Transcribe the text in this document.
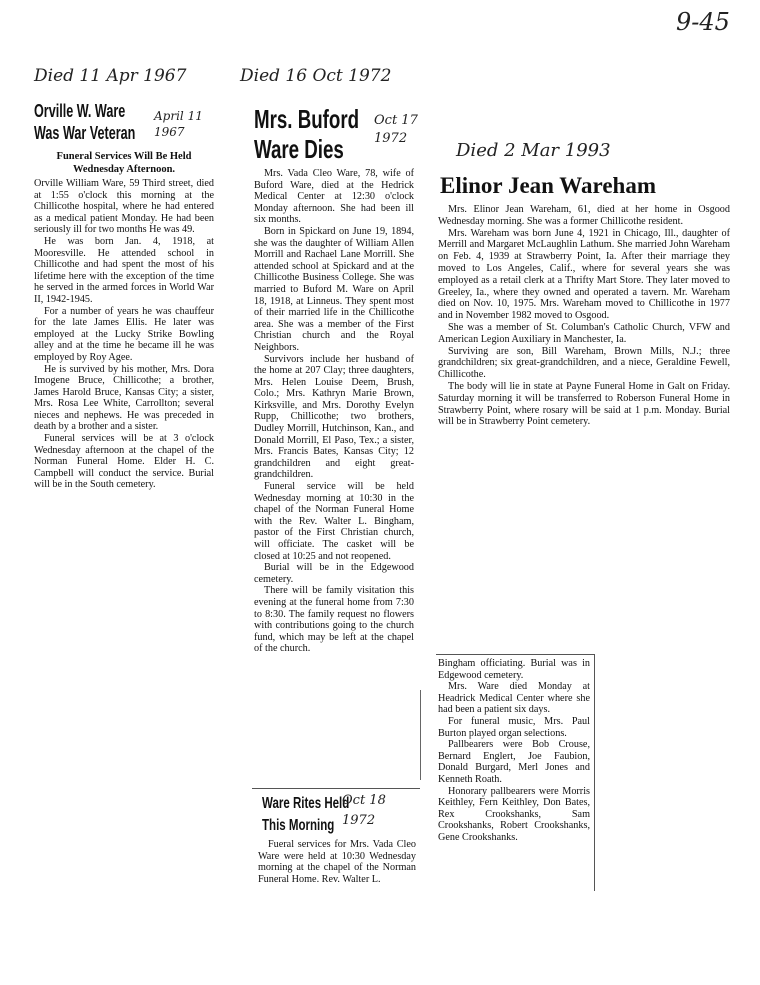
9-45
Died 11 Apr 1967	Died 16 Oct 1972
Died 2 Mar 1993
Orville W. Ware Was War Veteran
April 11 1967
Funeral Services Will Be Held Wednesday Afternoon.

Orville William Ware, 59 Third street, died at 1:55 o'clock this morning at the Chillicothe hospital, where he had entered as a medical patient Monday. He had been seriously ill for two months He was 49.

He was born Jan. 4, 1918, at Mooresville. He attended school in Chillicothe and had spent the most of his lifetime here with the exception of the time he served in the armed forces in World War II, 1942-1945.

For a number of years he was chauffeur for the late James Ellis. He later was employed at the Lucky Strike Bowling alley and at the time he became ill he was employed by Roy Agee.

He is survived by his mother, Mrs. Dora Imogene Bruce, Chillicothe; a brother, James Harold Bruce, Kansas City; a sister, Mrs. Rosa Lee White, Carrollton; several nieces and nephews. He was preceded in death by a brother and a sister.

Funeral services will be at 3 o'clock Wednesday afternoon at the chapel of the Norman Funeral Home. Elder H. C. Campbell will conduct the service. Burial will be in the South cemetery.

Mrs. Buford Ware Dies
Oct 17 1972

Mrs. Vada Cleo Ware, 78, wife of Buford Ware, died at the Hedrick Medical Center at 12:30 o'clock Monday afternoon. She had been ill six months.

Born in Spickard on June 19, 1894, she was the daughter of William Allen Morrill and Rachael Lane Morrill. She attended school at Spickard and at the Chillicothe Business College. She was married to Buford M. Ware on April 18, 1918, at Linneus. They spent most of their married life in the Chillicothe area. She was a member of the First Christian church and the Royal Neighbors.

Survivors include her husband of the home at 207 Clay; three daughters, Mrs. Helen Louise Deem, Brush, Colo.; Mrs. Kathryn Marie Brown, Kirksville, and Mrs. Dorothy Evelyn Rupp, Chillicothe; two brothers, Dudley Morrill, Hutchinson, Kan., and Donald Morrill, El Paso, Tex.; a sister, Mrs. Francis Bates, Kansas City; 12 grandchildren and eight great-grandchildren.

Funeral service will be held Wednesday morning at 10:30 in the chapel of the Norman Funeral Home with the Rev. Walter L. Bingham, pastor of the First Christian church, will officiate. The casket will be closed at 10:25 and not reopened.

Burial will be in the Edgewood cemetery.

There will be family visitation this evening at the funeral home from 7:30 to 8:30. The family request no flowers with contributions going to the church fund, which may be left at the chapel of the church.

Ware Rites Held This Morning
Oct 18 1972

Fueral services for Mrs. Vada Cleo Ware were held at 10:30 Wednesday morning at the chapel of the Norman Funeral Home. Rev. Walter L.

Bingham officiating. Burial was in Edgewood cemetery.

Mrs. Ware died Monday at Headrick Medical Center where she had been a patient six days.

For funeral music, Mrs. Paul Burton played organ selections.

Pallbearers were Bob Crouse, Bernard Englert, Joe Faubion, Donald Burgard, Merl Jones and Kenneth Roath.

Honorary pallbearers were Morris Keithley, Fern Keithley, Don Bates, Rex Crookshanks, Sam Crookshanks, Robert Crookshanks, Gene Crookshanks.

Elinor Jean Wareham

Mrs. Elinor Jean Wareham, 61, died at her home in Osgood Wednesday morning. She was a former Chillicothe resident.

Mrs. Wareham was born June 4, 1921 in Chicago, Ill., daughter of Merrill and Margaret McLaughlin Lathum. She married John Wareham on Feb. 4, 1939 at Strawberry Point, Ia. After their marriage they moved to Los Angeles, Calif., where for several years she was employed as a retail clerk at a Thrifty Mart Store. They later moved to Greeley, Ia., where they owned and operated a tavern. Mr. Wareham died on Nov. 10, 1975. Mrs. Wareham moved to Chillicothe in 1977 and in November 1982 moved to Osgood.

She was a member of St. Columban's Catholic Church, VFW and American Legion Auxiliary in Manchester, Ia.

Surviving are son, Bill Wareham, Brown Mills, N.J.; three grandchildren; six great-grandchildren, and a niece, Geraldine Fewell, Chillicothe.

The body will lie in state at Payne Funeral Home in Galt on Friday. Saturday morning it will be transferred to Roberson Funeral Home in Strawberry Point, where rosary will be said at 1 p.m. Monday. Burial will be in Strawberry Point cemetery.
